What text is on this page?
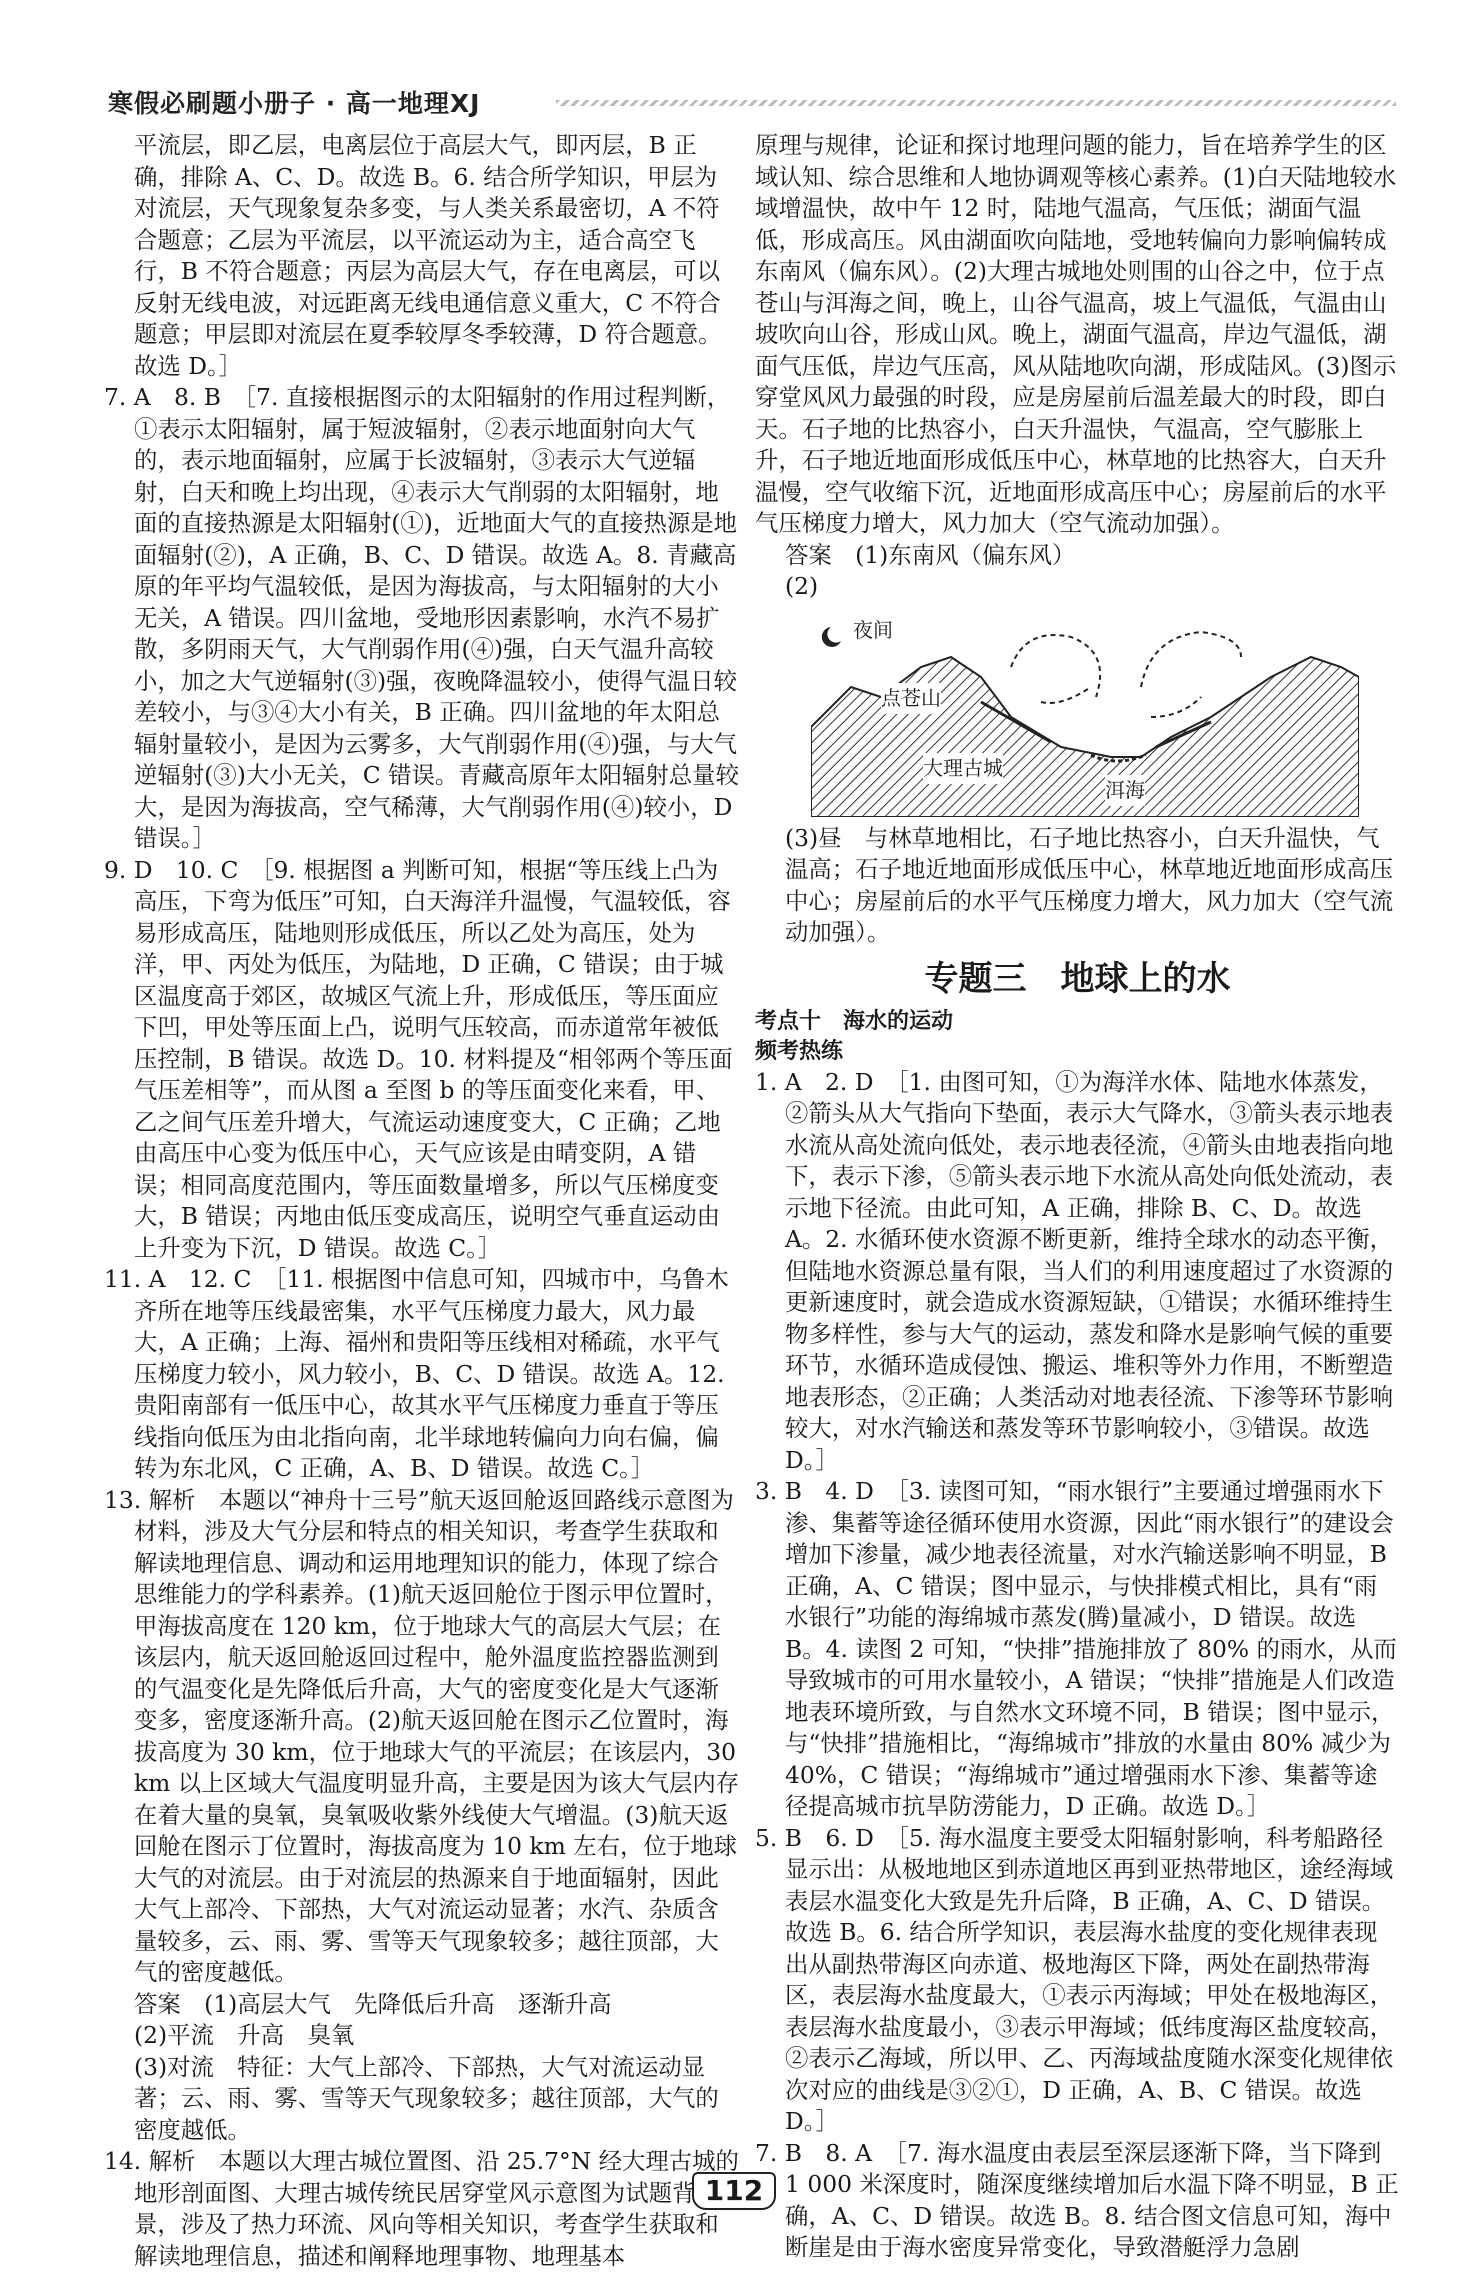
寒假必刷题小册子 · 高一地理XJ

平流层，即乙层，电离层位于高层大气，即丙层，B 正确，排除 A、C、D。故选 B。6. 结合所学知识，甲层为对流层，天气现象复杂多变，与人类关系最密切，A 不符合题意；乙层为平流层，以平流运动为主，适合高空飞行，B 不符合题意；丙层为高层大气，存在电离层，可以反射无线电波，对远距离无线电通信意义重大，C 不符合题意；甲层即对流层在夏季较厚冬季较薄，D 符合题意。故选 D。］

7. A　8. B　［7. 直接根据图示的太阳辐射的作用过程判断，①表示太阳辐射，属于短波辐射，②表示地面射向大气的，表示地面辐射，应属于长波辐射，③表示大气逆辐射，白天和晚上均出现，④表示大气削弱的太阳辐射，地面的直接热源是太阳辐射(①)，近地面大气的直接热源是地面辐射(②)，A 正确，B、C、D 错误。故选 A。8. 青藏高原的年平均气温较低，是因为海拔高，与太阳辐射的大小无关，A 错误。四川盆地，受地形因素影响，水汽不易扩散，多阴雨天气，大气削弱作用(④)强，白天气温升高较小，加之大气逆辐射(③)强，夜晚降温较小，使得气温日较差较小，与③④大小有关，B 正确。四川盆地的年太阳总辐射量较小，是因为云雾多，大气削弱作用(④)强，与大气逆辐射(③)大小无关，C 错误。青藏高原年太阳辐射总量较大，是因为海拔高，空气稀薄，大气削弱作用(④)较小，D 错误。］

9. D　10. C　［9. 根据图 a 判断可知，根据“等压线上凸为高压，下弯为低压”可知，白天海洋升温慢，气温较低，容易形成高压，陆地则形成低压，所以乙处为高压，处为洋，甲、丙处为低压，为陆地，D 正确，C 错误；由于城区温度高于郊区，故城区气流上升，形成低压，等压面应下凹，甲处等压面上凸，说明气压较高，而赤道常年被低压控制，B 错误。故选 D。10. 材料提及“相邻两个等压面气压差相等”，而从图 a 至图 b 的等压面变化来看，甲、乙之间气压差升增大，气流运动速度变大，C 正确；乙地由高压中心变为低压中心，天气应该是由晴变阴，A 错误；相同高度范围内，等压面数量增多，所以气压梯度变大，B 错误；丙地由低压变成高压，说明空气垂直运动由上升变为下沉，D 错误。故选 C。］

11. A　12. C　［11. 根据图中信息可知，四城市中，乌鲁木齐所在地等压线最密集，水平气压梯度力最大，风力最大，A 正确；上海、福州和贵阳等压线相对稀疏，水平气压梯度力较小，风力较小，B、C、D 错误。故选 A。12. 贵阳南部有一低压中心，故其水平气压梯度力垂直于等压线指向低压为由北指向南，北半球地转偏向力向右偏，偏转为东北风，C 正确，A、B、D 错误。故选 C。］

13. 解析　本题以“神舟十三号”航天返回舱返回路线示意图为材料，涉及大气分层和特点的相关知识，考查学生获取和解读地理信息、调动和运用地理知识的能力，体现了综合思维能力的学科素养。(1)航天返回舱位于图示甲位置时，甲海拔高度在 120 km，位于地球大气的高层大气层；在该层内，航天返回舱返回过程中，舱外温度监控器监测到的气温变化是先降低后升高，大气的密度变化是大气逐渐变多，密度逐渐升高。(2)航天返回舱在图示乙位置时，海拔高度为 30 km，位于地球大气的平流层；在该层内，30 km 以上区域大气温度明显升高，主要是因为该大气层内存在着大量的臭氧，臭氧吸收紫外线使大气增温。(3)航天返回舱在图示丁位置时，海拔高度为 10 km 左右，位于地球大气的对流层。由于对流层的热源来自于地面辐射，因此大气上部冷、下部热，大气对流运动显著；水汽、杂质含量较多，云、雨、雾、雪等天气现象较多；越往顶部，大气的密度越低。

答案　(1)高层大气　先降低后升高　逐渐升高

(2)平流　升高　臭氧

(3)对流　特征：大气上部冷、下部热，大气对流运动显著；云、雨、雾、雪等天气现象较多；越往顶部，大气的密度越低。

14. 解析　本题以大理古城位置图、沿 25.7°N 经大理古城的地形剖面图、大理古城传统民居穿堂风示意图为试题背景，涉及了热力环流、风向等相关知识，考查学生获取和解读地理信息，描述和阐释地理事物、地理基本

原理与规律，论证和探讨地理问题的能力，旨在培养学生的区域认知、综合思维和人地协调观等核心素养。(1)白天陆地较水域增温快，故中午 12 时，陆地气温高，气压低；湖面气温低，形成高压。风由湖面吹向陆地，受地转偏向力影响偏转成东南风（偏东风）。(2)大理古城地处则围的山谷之中，位于点苍山与洱海之间，晚上，山谷气温高，坡上气温低，气温由山坡吹向山谷，形成山风。晚上，湖面气温高，岸边气温低，湖面气压低，岸边气压高，风从陆地吹向湖，形成陆风。(3)图示穿堂风风力最强的时段，应是房屋前后温差最大的时段，即白天。石子地的比热容小，白天升温快，气温高，空气膨胀上升，石子地近地面形成低压中心，林草地的比热容大，白天升温慢，空气收缩下沉，近地面形成高压中心；房屋前后的水平气压梯度力增大，风力加大（空气流动加强）。

答案　(1)东南风（偏东风）

(2)

夜间
点苍山
大理古城
洱海

(3)昼　与林草地相比，石子地比热容小，白天升温快，气温高；石子地近地面形成低压中心，林草地近地面形成高压中心；房屋前后的水平气压梯度力增大，风力加大（空气流动加强）。

专题三　地球上的水
考点十　海水的运动
频考热练

1. A　2. D　［1. 由图可知，①为海洋水体、陆地水体蒸发，②箭头从大气指向下垫面，表示大气降水，③箭头表示地表水流从高处流向低处，表示地表径流，④箭头由地表指向地下，表示下渗，⑤箭头表示地下水流从高处向低处流动，表示地下径流。由此可知，A 正确，排除 B、C、D。故选 A。2. 水循环使水资源不断更新，维持全球水的动态平衡，但陆地水资源总量有限，当人们的利用速度超过了水资源的更新速度时，就会造成水资源短缺，①错误；水循环维持生物多样性，参与大气的运动，蒸发和降水是影响气候的重要环节，水循环造成侵蚀、搬运、堆积等外力作用，不断塑造地表形态，②正确；人类活动对地表径流、下渗等环节影响较大，对水汽输送和蒸发等环节影响较小，③错误。故选 D。］

3. B　4. D　［3. 读图可知，“雨水银行”主要通过增强雨水下渗、集蓄等途径循环使用水资源，因此“雨水银行”的建设会增加下渗量，减少地表径流量，对水汽输送影响不明显，B 正确，A、C 错误；图中显示，与快排模式相比，具有“雨水银行”功能的海绵城市蒸发(腾)量减小，D 错误。故选 B。4. 读图 2 可知，“快排”措施排放了 80% 的雨水，从而导致城市的可用水量较小，A 错误；“快排”措施是人们改造地表环境所致，与自然水文环境不同，B 错误；图中显示，与“快排”措施相比，“海绵城市”排放的水量由 80% 减少为 40%，C 错误；“海绵城市”通过增强雨水下渗、集蓄等途径提高城市抗旱防涝能力，D 正确。故选 D。］

5. B　6. D　［5. 海水温度主要受太阳辐射影响，科考船路径显示出：从极地地区到赤道地区再到亚热带地区，途经海域表层水温变化大致是先升后降，B 正确，A、C、D 错误。故选 B。6. 结合所学知识，表层海水盐度的变化规律表现出从副热带海区向赤道、极地海区下降，两处在副热带海区，表层海水盐度最大，①表示丙海域；甲处在极地海区，表层海水盐度最小，③表示甲海域；低纬度海区盐度较高，②表示乙海域，所以甲、乙、丙海域盐度随水深变化规律依次对应的曲线是③②①，D 正确，A、B、C 错误。故选 D。］

7. B　8. A　［7. 海水温度由表层至深层逐渐下降，当下降到 1 000 米深度时，随深度继续增加后水温下降不明显，B 正确，A、C、D 错误。故选 B。8. 结合图文信息可知，海中断崖是由于海水密度异常变化，导致潜艇浮力急剧

112
